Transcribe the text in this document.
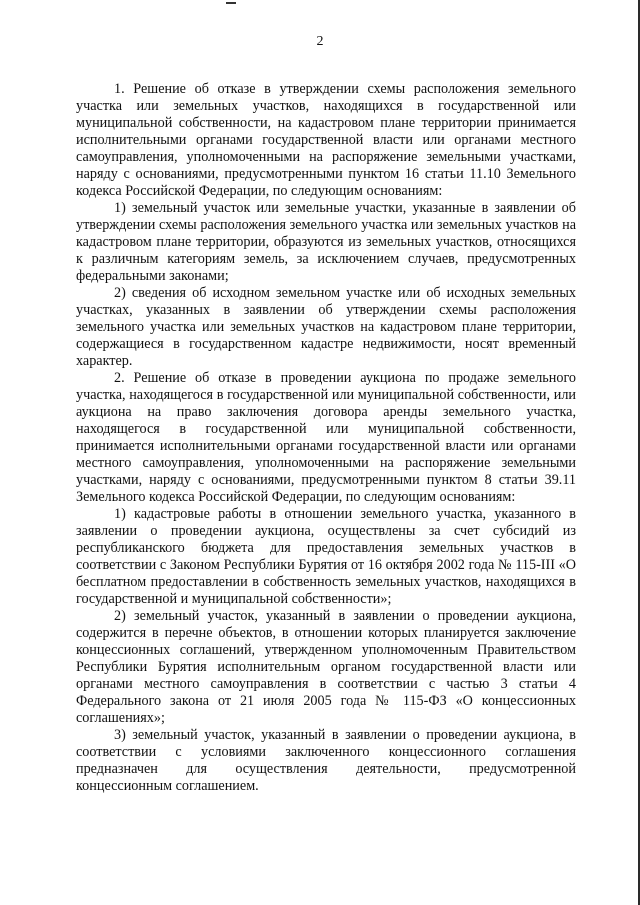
2

1. Решение об отказе в утверждении схемы расположения земельного участка или земельных участков, находящихся в государственной или муниципальной собственности, на кадастровом плане территории принимается исполнительными органами государственной власти или органами местного самоуправления, уполномоченными на распоряжение земельными участками, наряду с основаниями, предусмотренными пунктом 16 статьи 11.10 Земельного кодекса Российской Федерации, по следующим основаниям:

1) земельный участок или земельные участки, указанные в заявлении об утверждении схемы расположения земельного участка или земельных участков на кадастровом плане территории, образуются из земельных участков, относящихся к различным категориям земель, за исключением случаев, предусмотренных федеральными законами;

2) сведения об исходном земельном участке или об исходных земельных участках, указанных в заявлении об утверждении схемы расположения земельного участка или земельных участков на кадастровом плане территории, содержащиеся в государственном кадастре недвижимости, носят временный характер.

2. Решение об отказе в проведении аукциона по продаже земельного участка, находящегося в государственной или муниципальной собственности, или аукциона на право заключения договора аренды земельного участка, находящегося в государственной или муниципальной собственности, принимается исполнительными органами государственной власти или органами местного самоуправления, уполномоченными на распоряжение земельными участками, наряду с основаниями, предусмотренными пунктом 8 статьи 39.11 Земельного кодекса Российской Федерации, по следующим основаниям:

1) кадастровые работы в отношении земельного участка, указанного в заявлении о проведении аукциона, осуществлены за счет субсидий из республиканского бюджета для предоставления земельных участков в соответствии с Законом Республики Бурятия от 16 октября 2002 года № 115-III «О бесплатном предоставлении в собственность земельных участков, находящихся в государственной и муниципальной собственности»;

2) земельный участок, указанный в заявлении о проведении аукциона, содержится в перечне объектов, в отношении которых планируется заключение концессионных соглашений, утвержденном уполномоченным Правительством Республики Бурятия исполнительным органом государственной власти или органами местного самоуправления в соответствии с частью 3 статьи 4 Федерального закона от 21 июля 2005 года № 115-ФЗ «О концессионных соглашениях»;

3) земельный участок, указанный в заявлении о проведении аукциона, в соответствии с условиями заключенного концессионного соглашения предназначен для осуществления деятельности, предусмотренной концессионным соглашением.
